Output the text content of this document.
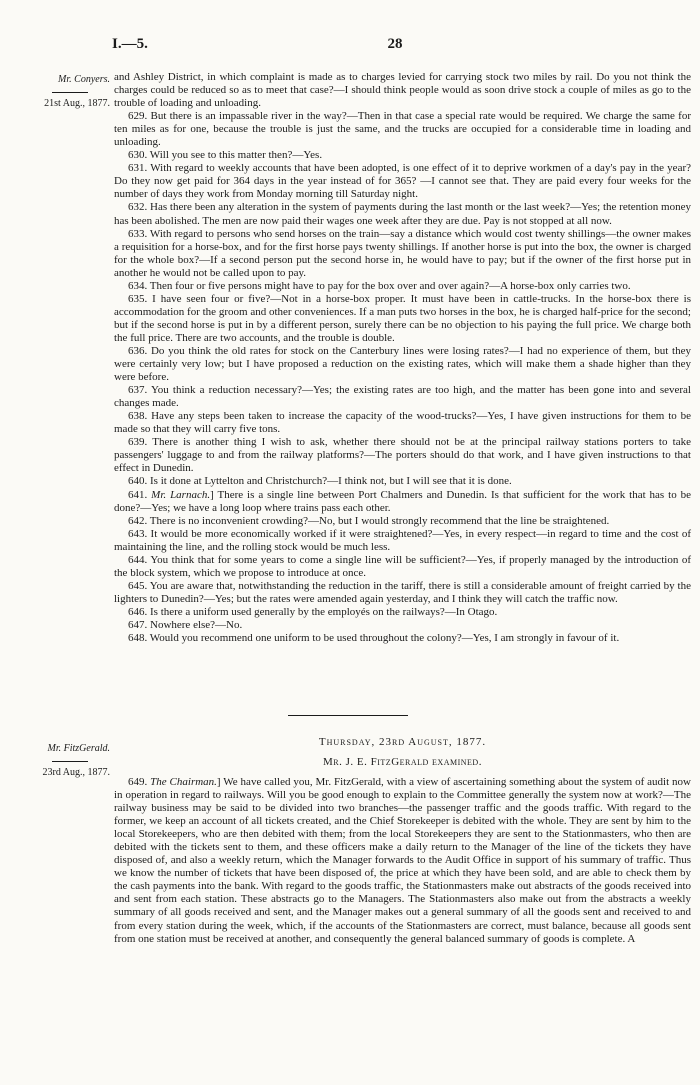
I.—5.	28
Mr. Conyers.
21st Aug., 1877.

and Ashley District, in which complaint is made as to charges levied for carrying stock two miles by rail. Do you not think the charges could be reduced so as to meet that case?—I should think people would as soon drive stock a couple of miles as go to the trouble of loading and unloading.

629. But there is an impassable river in the way?—Then in that case a special rate would be required. We charge the same for ten miles as for one, because the trouble is just the same, and the trucks are occupied for a considerable time in loading and unloading.

630. Will you see to this matter then?—Yes.

631. With regard to weekly accounts that have been adopted, is one effect of it to deprive workmen of a day's pay in the year? Do they now get paid for 364 days in the year instead of for 365? —I cannot see that. They are paid every four weeks for the number of days they work from Monday morning till Saturday night.

632. Has there been any alteration in the system of payments during the last month or the last week?—Yes; the retention money has been abolished. The men are now paid their wages one week after they are due. Pay is not stopped at all now.

633. With regard to persons who send horses on the train—say a distance which would cost twenty shillings—the owner makes a requisition for a horse-box, and for the first horse pays twenty shillings. If another horse is put into the box, the owner is charged for the whole box?—If a second person put the second horse in, he would have to pay; but if the owner of the first horse put in another he would not be called upon to pay.

634. Then four or five persons might have to pay for the box over and over again?—A horse-box only carries two.

635. I have seen four or five?—Not in a horse-box proper. It must have been in cattle-trucks. In the horse-box there is accommodation for the groom and other conveniences. If a man puts two horses in the box, he is charged half-price for the second; but if the second horse is put in by a different person, surely there can be no objection to his paying the full price. We charge both the full price. There are two accounts, and the trouble is double.

636. Do you think the old rates for stock on the Canterbury lines were losing rates?—I had no experience of them, but they were certainly very low; but I have proposed a reduction on the existing rates, which will make them a shade higher than they were before.

637. You think a reduction necessary?—Yes; the existing rates are too high, and the matter has been gone into and several changes made.

638. Have any steps been taken to increase the capacity of the wood-trucks?—Yes, I have given instructions for them to be made so that they will carry five tons.

639. There is another thing I wish to ask, whether there should not be at the principal railway stations porters to take passengers' luggage to and from the railway platforms?—The porters should do that work, and I have given instructions to that effect in Dunedin.

640. Is it done at Lyttelton and Christchurch?—I think not, but I will see that it is done.

641. Mr. Larnach.] There is a single line between Port Chalmers and Dunedin. Is that sufficient for the work that has to be done?—Yes; we have a long loop where trains pass each other.

642. There is no inconvenient crowding?—No, but I would strongly recommend that the line be straightened.

643. It would be more economically worked if it were straightened?—Yes, in every respect—in regard to time and the cost of maintaining the line, and the rolling stock would be much less.

644. You think that for some years to come a single line will be sufficient?—Yes, if properly managed by the introduction of the block system, which we propose to introduce at once.

645. You are aware that, notwithstanding the reduction in the tariff, there is still a considerable amount of freight carried by the lighters to Dunedin?—Yes; but the rates were amended again yesterday, and I think they will catch the traffic now.

646. Is there a uniform used generally by the employés on the railways?—In Otago.

647. Nowhere else?—No.

648. Would you recommend one uniform to be used throughout the colony?—Yes, I am strongly in favour of it.

Thursday, 23rd August, 1877.
Mr. FitzGerald.
23rd Aug., 1877.
Mr. J. E. FitzGerald examined.

649. The Chairman.] We have called you, Mr. FitzGerald, with a view of ascertaining something about the system of audit now in operation in regard to railways. Will you be good enough to explain to the Committee generally the system now at work?—The railway business may be said to be divided into two branches—the passenger traffic and the goods traffic. With regard to the former, we keep an account of all tickets created, and the Chief Storekeeper is debited with the whole. They are sent by him to the local Storekeepers, who are then debited with them; from the local Storekeepers they are sent to the Stationmasters, who then are debited with the tickets sent to them, and these officers make a daily return to the Manager of the line of the tickets they have disposed of, and also a weekly return, which the Manager forwards to the Audit Office in support of his summary of traffic. Thus we know the number of tickets that have been disposed of, the price at which they have been sold, and are able to check them by the cash payments into the bank. With regard to the goods traffic, the Stationmasters make out abstracts of the goods received into and sent from each station. These abstracts go to the Managers. The Stationmasters also make out from the abstracts a weekly summary of all goods received and sent, and the Manager makes out a general summary of all the goods sent and received to and from every station during the week, which, if the accounts of the Stationmasters are correct, must balance, because all goods sent from one station must be received at another, and consequently the general balanced summary of goods is complete. A
